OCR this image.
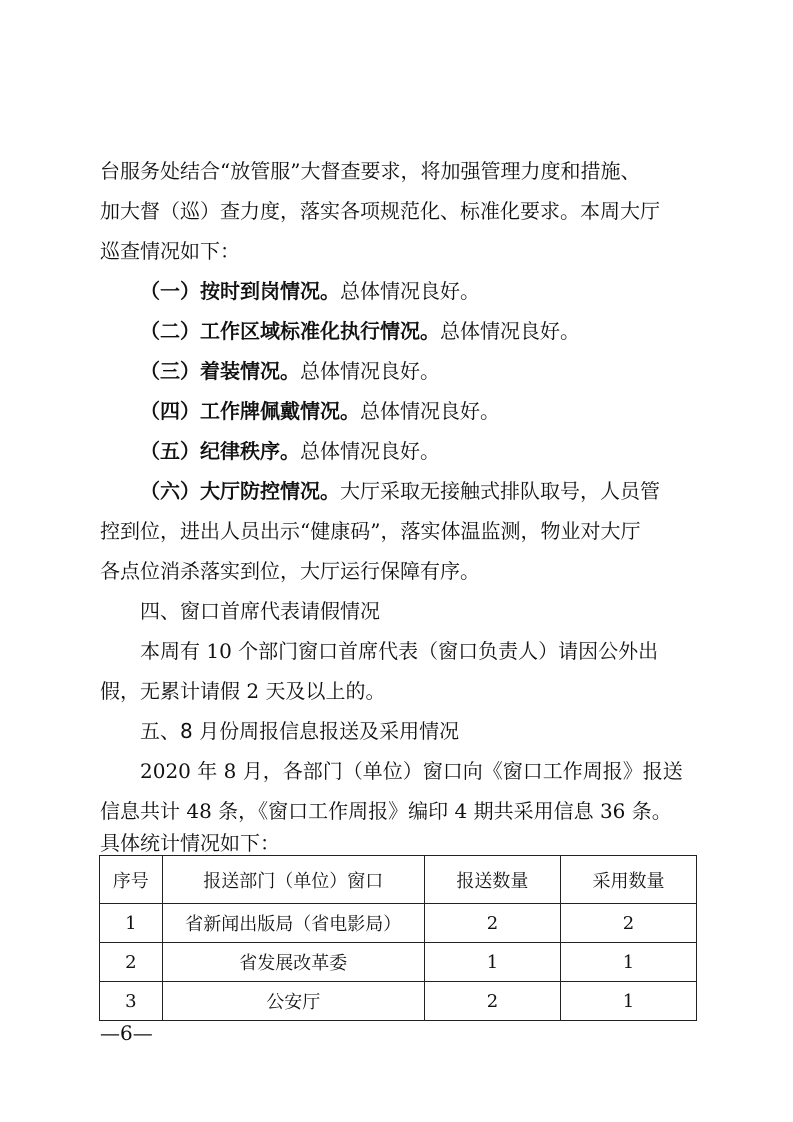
台服务处结合“放管服”大督查要求，将加强管理力度和措施、
加大督（巡）查力度，落实各项规范化、标准化要求。本周大厅
巡查情况如下：
（一）按时到岗情况。总体情况良好。
（二）工作区域标准化执行情况。总体情况良好。
（三）着装情况。总体情况良好。
（四）工作牌佩戴情况。总体情况良好。
（五）纪律秩序。总体情况良好。
（六）大厅防控情况。大厅采取无接触式排队取号，人员管
控到位，进出人员出示“健康码”，落实体温监测，物业对大厅
各点位消杀落实到位，大厅运行保障有序。
四、窗口首席代表请假情况
本周有 10 个部门窗口首席代表（窗口负责人）请因公外出
假，无累计请假 2 天及以上的。
五、8 月份周报信息报送及采用情况
2020 年 8 月，各部门（单位）窗口向《窗口工作周报》报送
信息共计 48 条，《窗口工作周报》编印 4 期共采用信息 36 条。
具体统计情况如下：
序号	报送部门（单位）窗口	报送数量	采用数量
1	省新闻出版局（省电影局）	2	2
2	省发展改革委	1	1
3	公安厅	2	1
—6—
